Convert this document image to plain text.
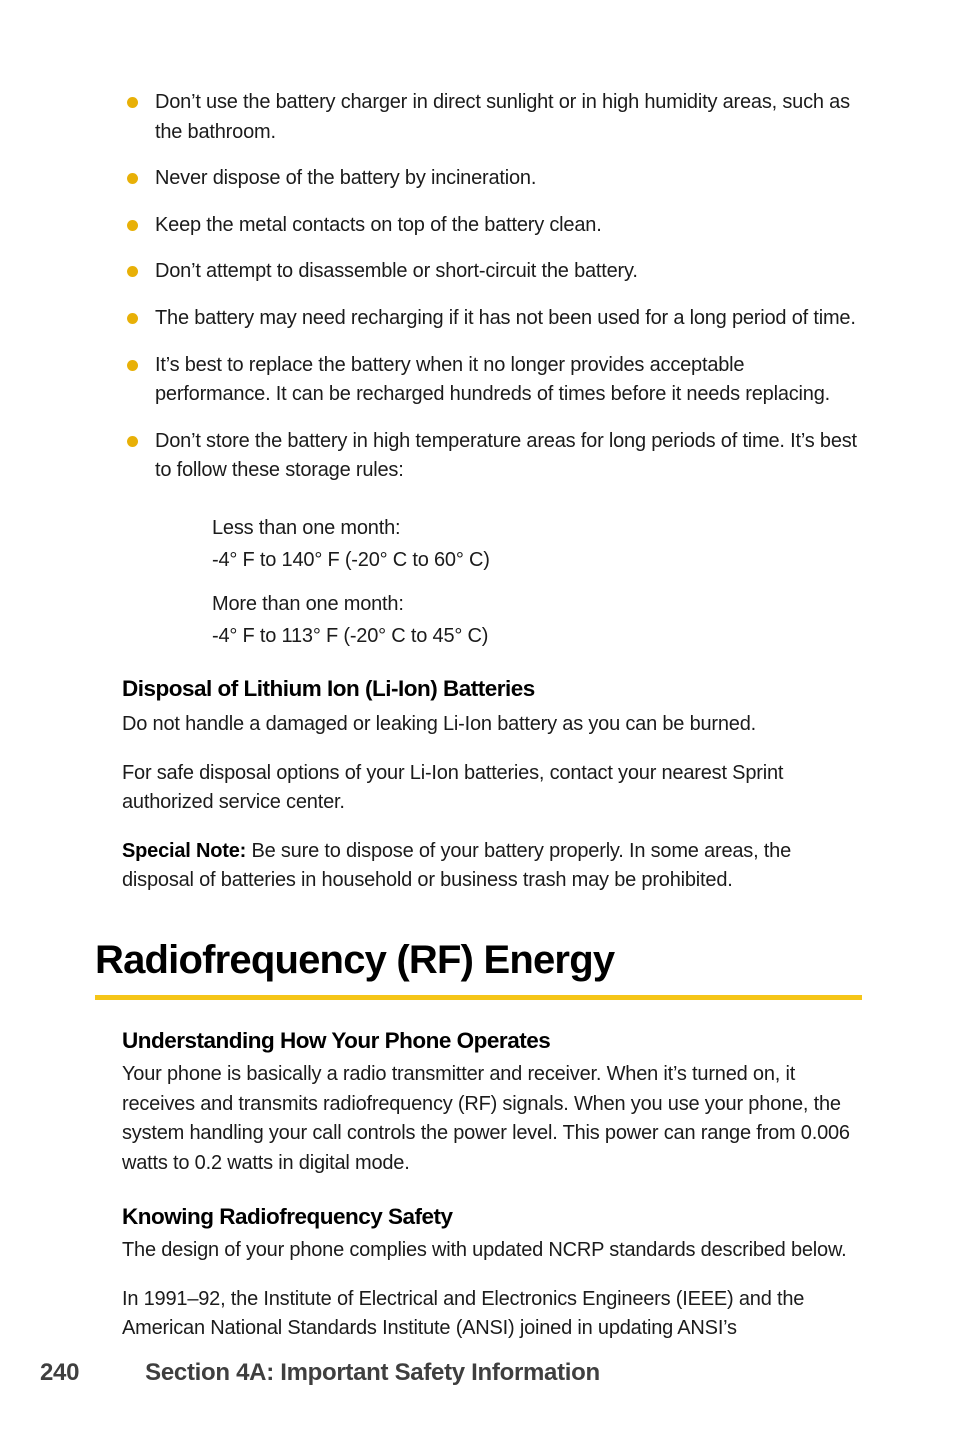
Don’t use the battery charger in direct sunlight or in high humidity areas, such as the bathroom.
Never dispose of the battery by incineration.
Keep the metal contacts on top of the battery clean.
Don’t attempt to disassemble or short-circuit the battery.
The battery may need recharging if it has not been used for a long period of time.
It’s best to replace the battery when it no longer provides acceptable performance. It can be recharged hundreds of times before it needs replacing.
Don’t store the battery in high temperature areas for long periods of time. It’s best to follow these storage rules:
Less than one month:
-4° F to 140° F (-20° C to 60° C)
More than one month:
-4° F to 113° F (-20° C to 45° C)
Disposal of Lithium Ion (Li-Ion) Batteries

Do not handle a damaged or leaking Li-Ion battery as you can be burned.

For safe disposal options of your Li-Ion batteries, contact your nearest Sprint authorized service center.

Special Note: Be sure to dispose of your battery properly. In some areas, the disposal of batteries in household or business trash may be prohibited.

Radiofrequency (RF) Energy
Understanding How Your Phone Operates

Your phone is basically a radio transmitter and receiver. When it’s turned on, it receives and transmits radiofrequency (RF) signals. When you use your phone, the system handling your call controls the power level. This power can range from 0.006 watts to 0.2 watts in digital mode.

Knowing Radiofrequency Safety

The design of your phone complies with updated NCRP standards described below.

In 1991–92, the Institute of Electrical and Electronics Engineers (IEEE) and the American National Standards Institute (ANSI) joined in updating ANSI’s

240	Section 4A: Important Safety Information
